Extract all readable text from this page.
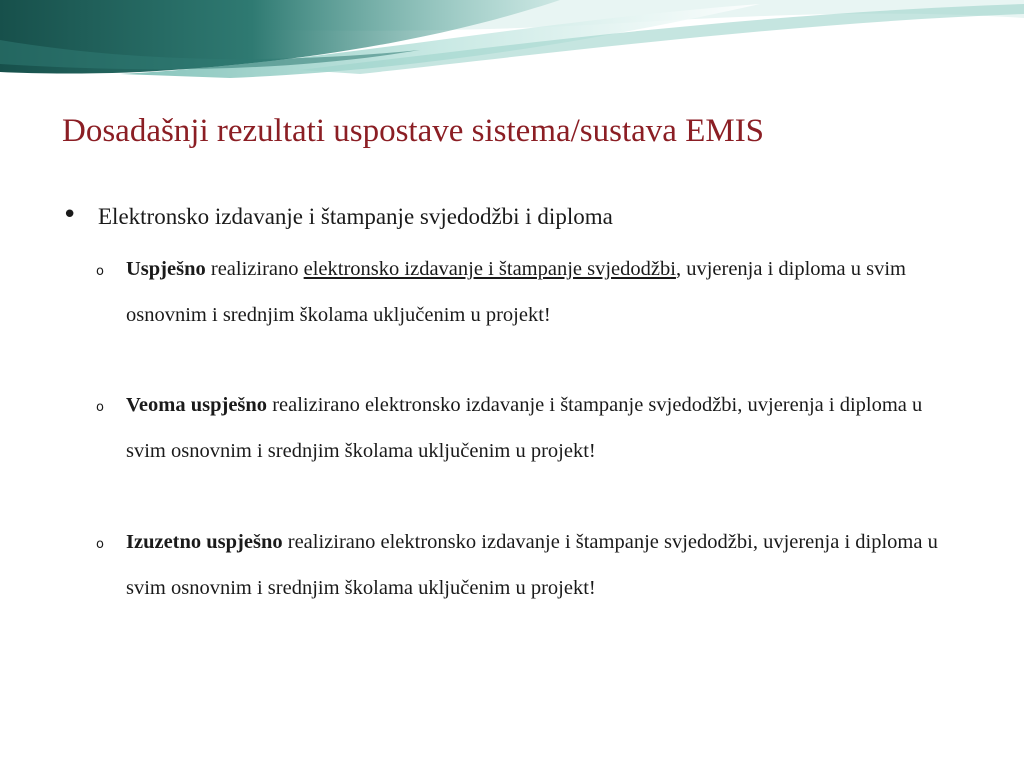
Dosadašnji rezultati uspostave sistema/sustava EMIS
• Elektronsko izdavanje i štampanje svjedodžbi i diploma
o	Uspješno realizirano elektronsko izdavanje i štampanje svjedodžbi, uvjerenja i diploma u svim osnovnim i srednjim školama uključenim u projekt!
o	Veoma uspješno realizirano elektronsko izdavanje i štampanje svjedodžbi, uvjerenja i diploma u svim osnovnim i srednjim školama uključenim u projekt!
o	Izuzetno uspješno realizirano elektronsko izdavanje i štampanje svjedodžbi, uvjerenja i diploma u svim osnovnim i srednjim školama uključenim u projekt!
